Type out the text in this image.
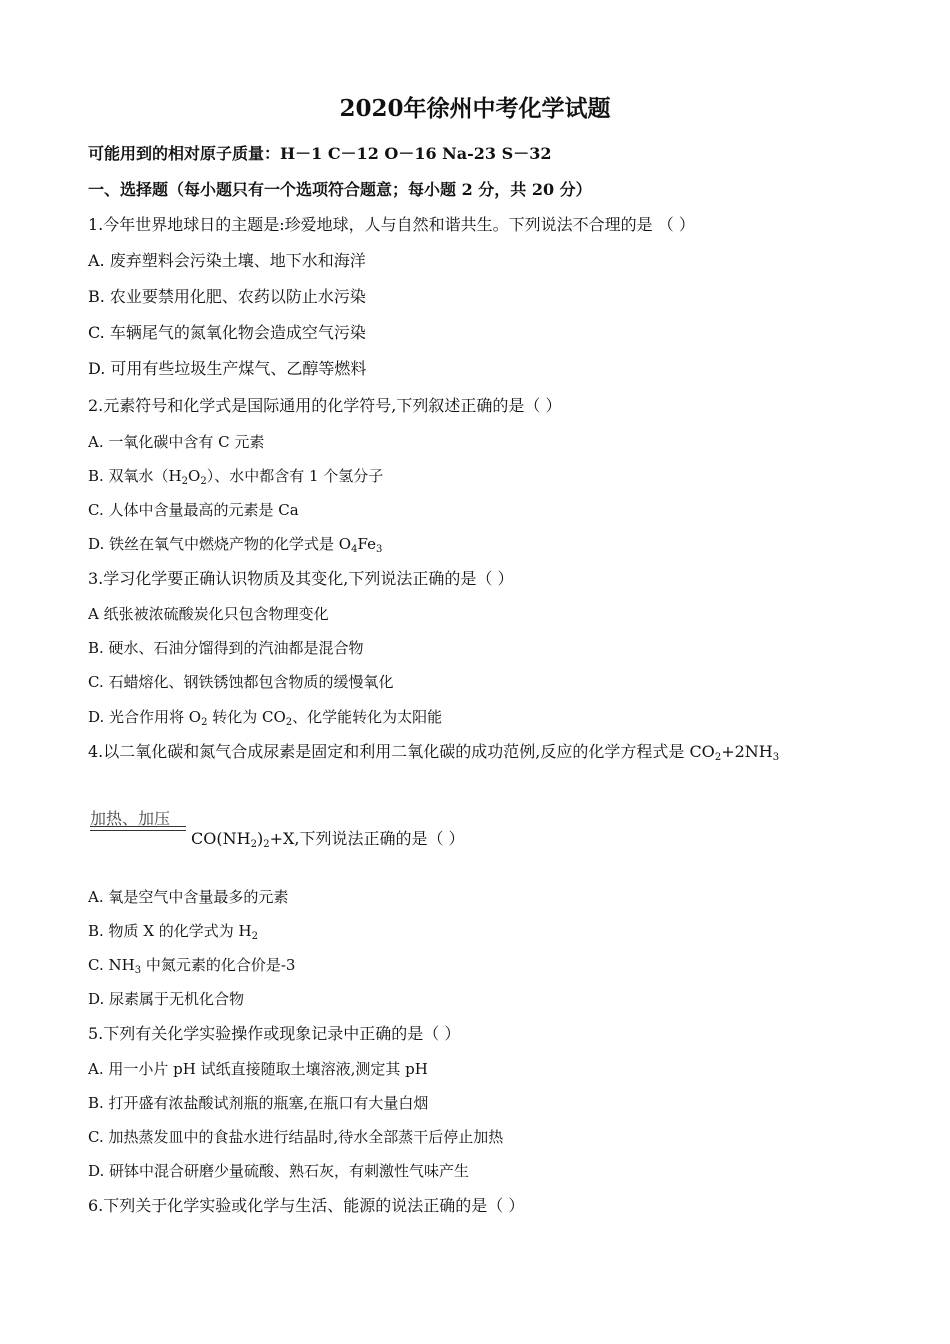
2020年徐州中考化学试题
可能用到的相对原子质量：H－1 C－12 O－16 Na-23 S－32
一、选择题（每小题只有一个选项符合题意；每小题 2 分，共 20 分）
1.今年世界地球日的主题是:珍爱地球，人与自然和谐共生。下列说法不合理的是 （ ）
A. 废弃塑料会污染土壤、地下水和海洋
B. 农业要禁用化肥、农药以防止水污染
C. 车辆尾气的氮氧化物会造成空气污染
D. 可用有些垃圾生产煤气、乙醇等燃料
2.元素符号和化学式是国际通用的化学符号,下列叙述正确的是（ ）
A. 一氧化碳中含有 C 元素
B. 双氧水$(H_2O_2)$、水中都含有 1 个氢分子
C. 人体中含量最高的元素是 Ca
D. 铁丝在氧气中燃烧产物的化学式是 $O_4Fe_3$
3.学习化学要正确认识物质及其变化,下列说法正确的是（ ）
A 纸张被浓硫酸炭化只包含物理变化
B. 硬水、石油分馏得到的汽油都是混合物
C. 石蜡熔化、钢铁锈蚀都包含物质的缓慢氧化
D. 光合作用将 $O_2$ 转化为 $CO_2$、化学能转化为太阳能
4.以二氧化碳和氮气合成尿素是固定和利用二氧化碳的成功范例,反应的化学方程式是 $CO_2+2NH_3$
加热、加压
$CO(NH_2)_2+X$,下列说法正确的是（ ）
A. 氧是空气中含量最多的元素
B. 物质 X 的化学式为 $H_2$
C. $NH_3$ 中氮元素的化合价是-3
D. 尿素属于无机化合物
5.下列有关化学实验操作或现象记录中正确的是（ ）
A. 用一小片 pH 试纸直接随取土壤溶液,测定其 pH
B. 打开盛有浓盐酸试剂瓶的瓶塞,在瓶口有大量白烟
C. 加热蒸发皿中的食盐水进行结晶时,待水全部蒸干后停止加热
D. 研钵中混合研磨少量硫酸、熟石灰，有刺激性气味产生
6.下列关于化学实验或化学与生活、能源的说法正确的是（ ）
